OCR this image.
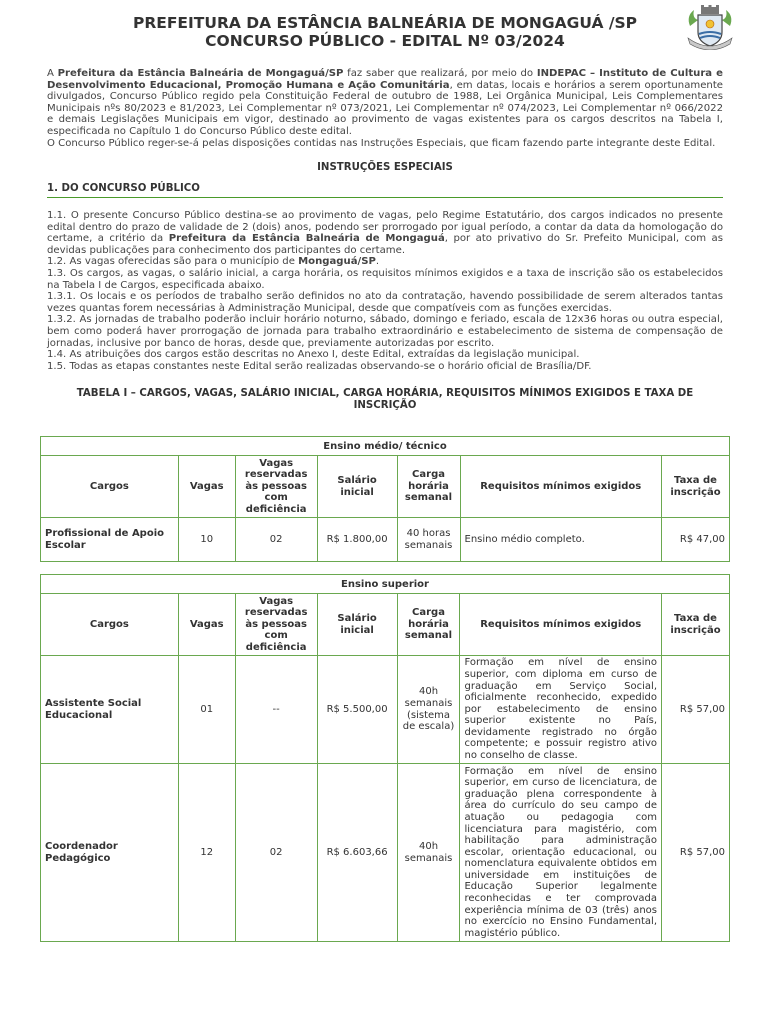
PREFEITURA DA ESTÂNCIA BALNEÁRIA DE MONGAGUÁ /SP
CONCURSO PÚBLICO - EDITAL Nº 03/2024

A Prefeitura da Estância Balneária de Mongaguá/SP faz saber que realizará, por meio do INDEPAC – Instituto de Cultura e Desenvolvimento Educacional, Promoção Humana e Ação Comunitária, em datas, locais e horários a serem oportunamente divulgados, Concurso Público regido pela Constituição Federal de outubro de 1988, Lei Orgânica Municipal, Leis Complementares Municipais nºs 80/2023 e 81/2023, Lei Complementar nº 073/2021, Lei Complementar nº 074/2023, Lei Complementar nº 066/2022 e demais Legislações Municipais em vigor, destinado ao provimento de vagas existentes para os cargos descritos na Tabela I, especificada no Capítulo 1 do Concurso Público deste edital.

O Concurso Público reger-se-á pelas disposições contidas nas Instruções Especiais, que ficam fazendo parte integrante deste Edital.

INSTRUÇÕES ESPECIAIS
1. DO CONCURSO PÚBLICO

1.1. O presente Concurso Público destina-se ao provimento de vagas, pelo Regime Estatutário, dos cargos indicados no presente edital dentro do prazo de validade de 2 (dois) anos, podendo ser prorrogado por igual período, a contar da data da homologação do certame, a critério da Prefeitura da Estância Balneária de Mongaguá, por ato privativo do Sr. Prefeito Municipal, com as devidas publicações para conhecimento dos participantes do certame.

1.2. As vagas oferecidas são para o município de Mongaguá/SP.

1.3. Os cargos, as vagas, o salário inicial, a carga horária, os requisitos mínimos exigidos e a taxa de inscrição são os estabelecidos na Tabela I de Cargos, especificada abaixo.

1.3.1. Os locais e os períodos de trabalho serão definidos no ato da contratação, havendo possibilidade de serem alterados tantas vezes quantas forem necessárias à Administração Municipal, desde que compatíveis com as funções exercidas.

1.3.2. As jornadas de trabalho poderão incluir horário noturno, sábado, domingo e feriado, escala de 12x36 horas ou outra especial, bem como poderá haver prorrogação de jornada para trabalho extraordinário e estabelecimento de sistema de compensação de jornadas, inclusive por banco de horas, desde que, previamente autorizadas por escrito.

1.4. As atribuições dos cargos estão descritas no Anexo I, deste Edital, extraídas da legislação municipal.

1.5. Todas as etapas constantes neste Edital serão realizadas observando-se o horário oficial de Brasília/DF.

TABELA I – CARGOS, VAGAS, SALÁRIO INICIAL, CARGA HORÁRIA, REQUISITOS MÍNIMOS EXIGIDOS E TAXA DE INSCRIÇÃO
Ensino médio/ técnico						
Cargos	Vagas	Vagas reservadas às pessoas com deficiência	Salário inicial	Carga horária semanal	Requisitos mínimos exigidos	Taxa de inscrição
Profissional de Apoio Escolar	10	02	R$ 1.800,00	40 horas semanais	Ensino médio completo.	R$ 47,00
Ensino superior						
Cargos	Vagas	Vagas reservadas às pessoas com deficiência	Salário inicial	Carga horária semanal	Requisitos mínimos exigidos	Taxa de inscrição
Assistente Social Educacional	01	--	R$ 5.500,00	40h semanais (sistema de escala)	Formação em nível de ensino superior, com diploma em curso de graduação em Serviço Social, oficialmente reconhecido, expedido por estabelecimento de ensino superior existente no País, devidamente registrado no órgão competente; e possuir registro ativo no conselho de classe.	R$ 57,00
Coordenador Pedagógico	12	02	R$ 6.603,66	40h semanais	Formação em nível de ensino superior, em curso de licenciatura, de graduação plena correspondente à área do currículo do seu campo de atuação ou pedagogia com licenciatura para magistério, com habilitação para administração escolar, orientação educacional, ou nomenclatura equivalente obtidos em universidade em instituições de Educação Superior legalmente reconhecidas e ter comprovada experiência mínima de 03 (três) anos no exercício no Ensino Fundamental, magistério público.	R$ 57,00
